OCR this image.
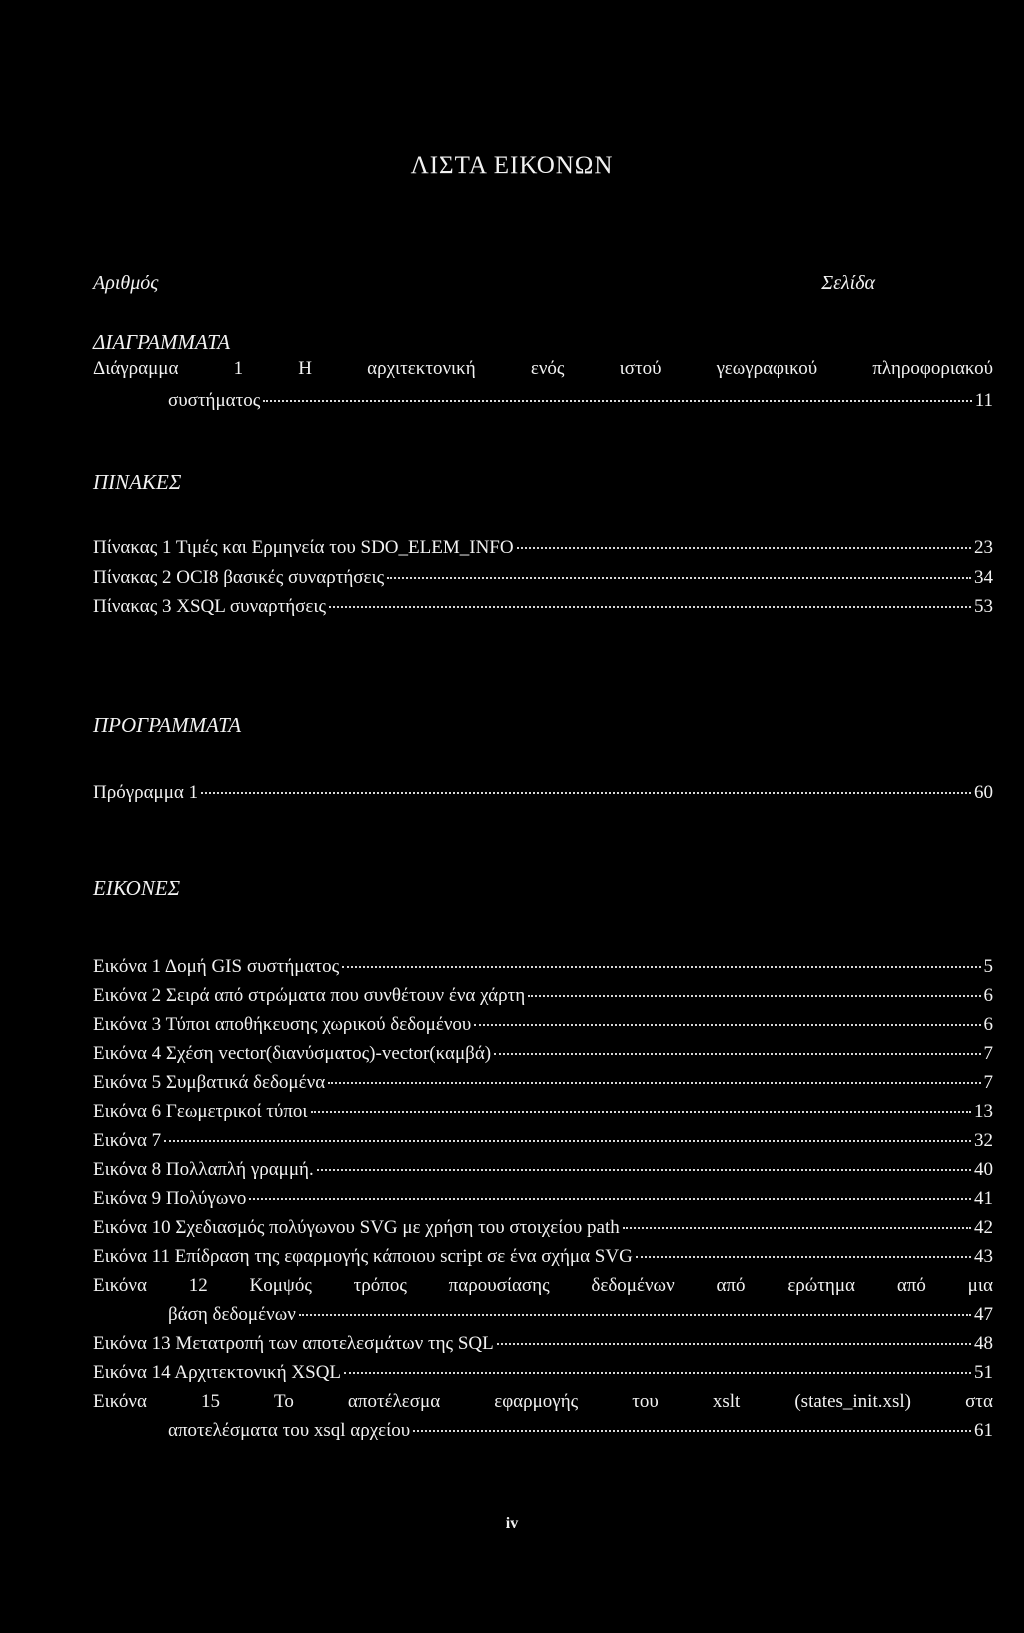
ΛΙΣΤΑ ΕΙΚΟΝΩΝ
Αριθμός	Σελίδα
ΔΙΑΓΡΑΜΜΑΤΑ
Διάγραμμα	1	Η	αρχιτεκτονική	ενός	ιστού	γεωγραφικού	πληροφοριακού
συστήματος	11
ΠΙΝΑΚΕΣ
Πίνακας 1 Τιμές και Ερμηνεία του SDO_ELEM_INFO	23
Πίνακας 2 OCI8 βασικές συναρτήσεις	34
Πίνακας 3 XSQL συναρτήσεις	53
ΠΡΟΓΡΑΜΜΑΤΑ
Πρόγραμμα 1	60
ΕΙΚΟΝΕΣ
Εικόνα 1 Δομή GIS συστήματος	5
Εικόνα 2 Σειρά από στρώματα που συνθέτουν ένα χάρτη	6
Εικόνα 3 Τύποι αποθήκευσης χωρικού δεδομένου	6
Εικόνα 4 Σχέση vector(διανύσματος)-vector(καμβά)	7
Εικόνα 5 Συμβατικά δεδομένα	7
Εικόνα 6 Γεωμετρικοί τύποι	13
Εικόνα 7	32
Εικόνα 8 Πολλαπλή γραμμή.	40
Εικόνα 9 Πολύγωνο	41
Εικόνα 10 Σχεδιασμός πολύγωνου SVG με χρήση του στοιχείου path	42
Εικόνα 11 Επίδραση της εφαρμογής κάποιου script σε ένα σχήμα SVG	43
Εικόνα 12 Κομψός τρόπος παρουσίασης δεδομένων από ερώτημα από μια
βάση δεδομένων	47
Εικόνα 13 Μετατροπή των αποτελεσμάτων της SQL	48
Εικόνα 14 Αρχιτεκτονική XSQL	51
Εικόνα	15	Το	αποτέλεσμα	εφαρμογής	του	xslt	(states_init.xsl)	στα
αποτελέσματα του xsql αρχείου	61
iv
